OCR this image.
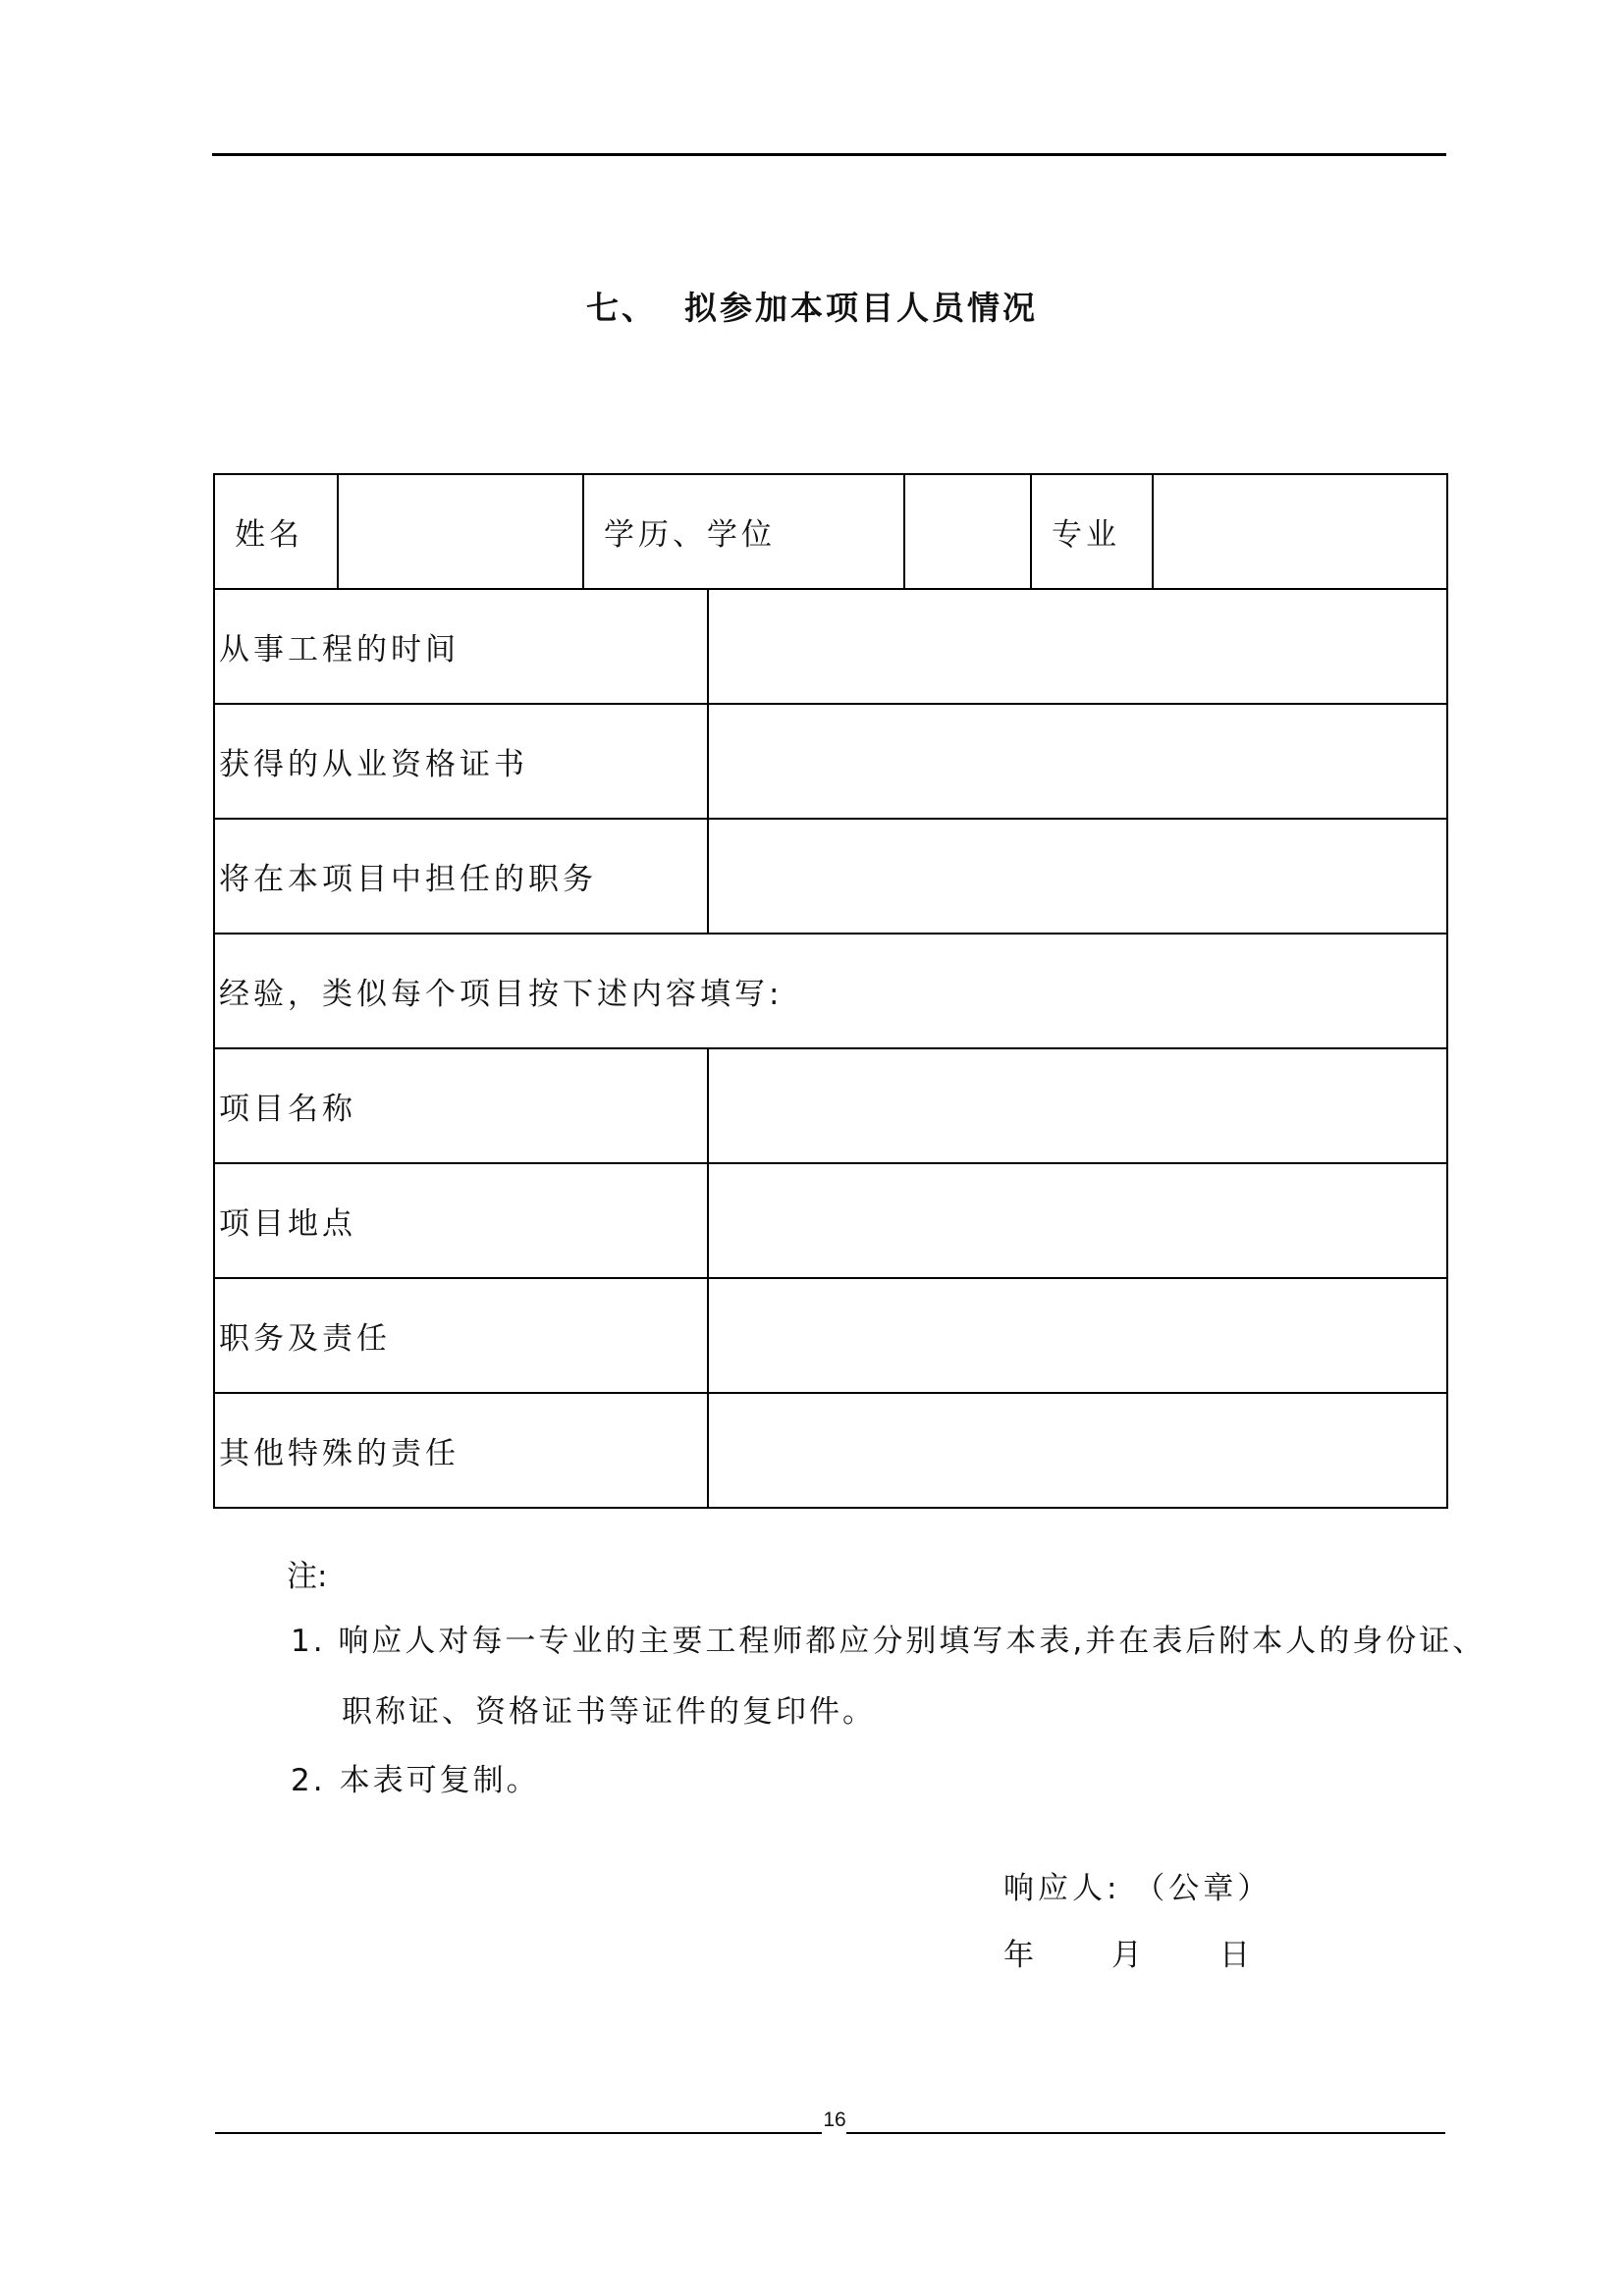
七、 拟参加本项目人员情况
姓名		学历、学位			专业	
从事工程的时间						
获得的从业资格证书						
将在本项目中担任的职务						
经验，类似每个项目按下述内容填写:						
项目名称						
项目地点						
职务及责任						
其他特殊的责任						
注:
1. 响应人对每一专业的主要工程师都应分别填写本表,并在表后附本人的身份证、
职称证、资格证书等证件的复印件。
2. 本表可复制。
响应人: （公章）
年	月	日
16
